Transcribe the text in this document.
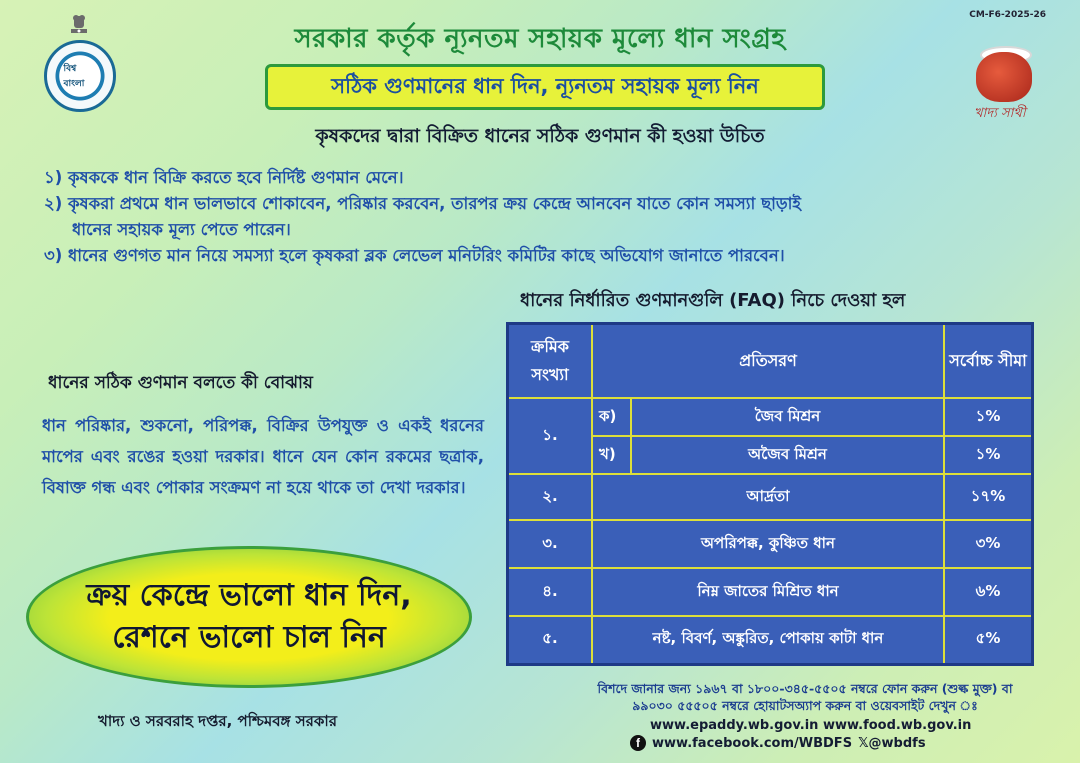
CM-F6-2025-26
বিশ্ব বাংলা
খাদ্য সাথী
সরকার কর্তৃক ন্যূনতম সহায়ক মূল্যে ধান সংগ্রহ
সঠিক গুণমানের ধান দিন, ন্যূনতম সহায়ক মূল্য নিন
কৃষকদের দ্বারা বিক্রিত ধানের সঠিক গুণমান কী হওয়া উচিত
১) কৃষককে ধান বিক্রি করতে হবে নির্দিষ্ট গুণমান মেনে।
২) কৃষকরা প্রথমে ধান ভালভাবে শোকাবেন, পরিষ্কার করবেন, তারপর ক্রয় কেন্দ্রে আনবেন যাতে কোন সমস্যা ছাড়াই
ধানের সহায়ক মূল্য পেতে পারেন।
৩) ধানের গুণগত মান নিয়ে সমস্যা হলে কৃষকরা ব্লক লেভেল মনিটরিং কমিটির কাছে অভিযোগ জানাতে পারবেন।
ধানের নির্ধারিত গুণমানগুলি (FAQ) নিচে দেওয়া হল
ক্রমিক সংখ্যা	প্রতিসরণ		সর্বোচ্চ সীমা
১.	ক)	জৈব মিশ্রন	১%
	খ)	অজৈব মিশ্রন	১%
২.	আর্দ্রতা		১৭%
৩.	অপরিপক্ক, কুঞ্চিত ধান		৩%
৪.	নিম্ন জাতের মিশ্রিত ধান		৬%
৫.	নষ্ট, বিবর্ণ, অঙ্কুরিত, পোকায় কাটা ধান		৫%
ধানের সঠিক গুণমান বলতে কী বোঝায়
ধান পরিষ্কার, শুকনো, পরিপক্ক, বিক্রির উপযুক্ত ও একই ধরনের মাপের এবং রঙের হওয়া দরকার। ধানে যেন কোন রকমের ছত্রাক, বিষাক্ত গন্ধ এবং পোকার সংক্রমণ না হয়ে থাকে তা দেখা দরকার।
ক্রয় কেন্দ্রে ভালো ধান দিন,
রেশনে ভালো চাল নিন
খাদ্য ও সরবরাহ দপ্তর, পশ্চিমবঙ্গ সরকার
বিশদে জানার জন্য ১৯৬৭ বা ১৮০০-৩৪৫-৫৫০৫ নম্বরে ফোন করুন (শুল্ক মুক্ত) বা
৯৯০৩০ ৫৫৫০৫ নম্বরে হোয়াটসঅ্যাপ করুন বা ওয়েবসাইট দেখুন ঃ
www.epaddy.wb.gov.in www.food.wb.gov.in
f www.facebook.com/WBDFS 𝕏@wbdfs
